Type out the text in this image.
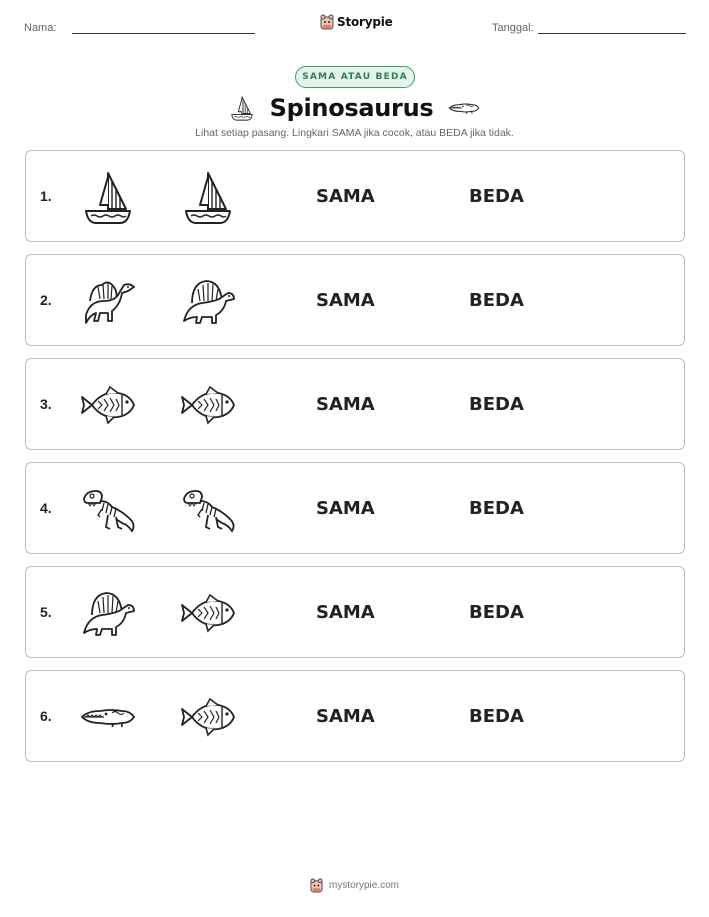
Nama:	Storypie	Tanggal:
SAMA ATAU BEDA
Spinosaurus
Lihat setiap pasang. Lingkari SAMA jika cocok, atau BEDA jika tidak.
1.	SAMA	BEDA
2.	SAMA	BEDA
3.	SAMA	BEDA
4.	SAMA	BEDA
5.	SAMA	BEDA
6.	SAMA	BEDA
mystorypie.com
